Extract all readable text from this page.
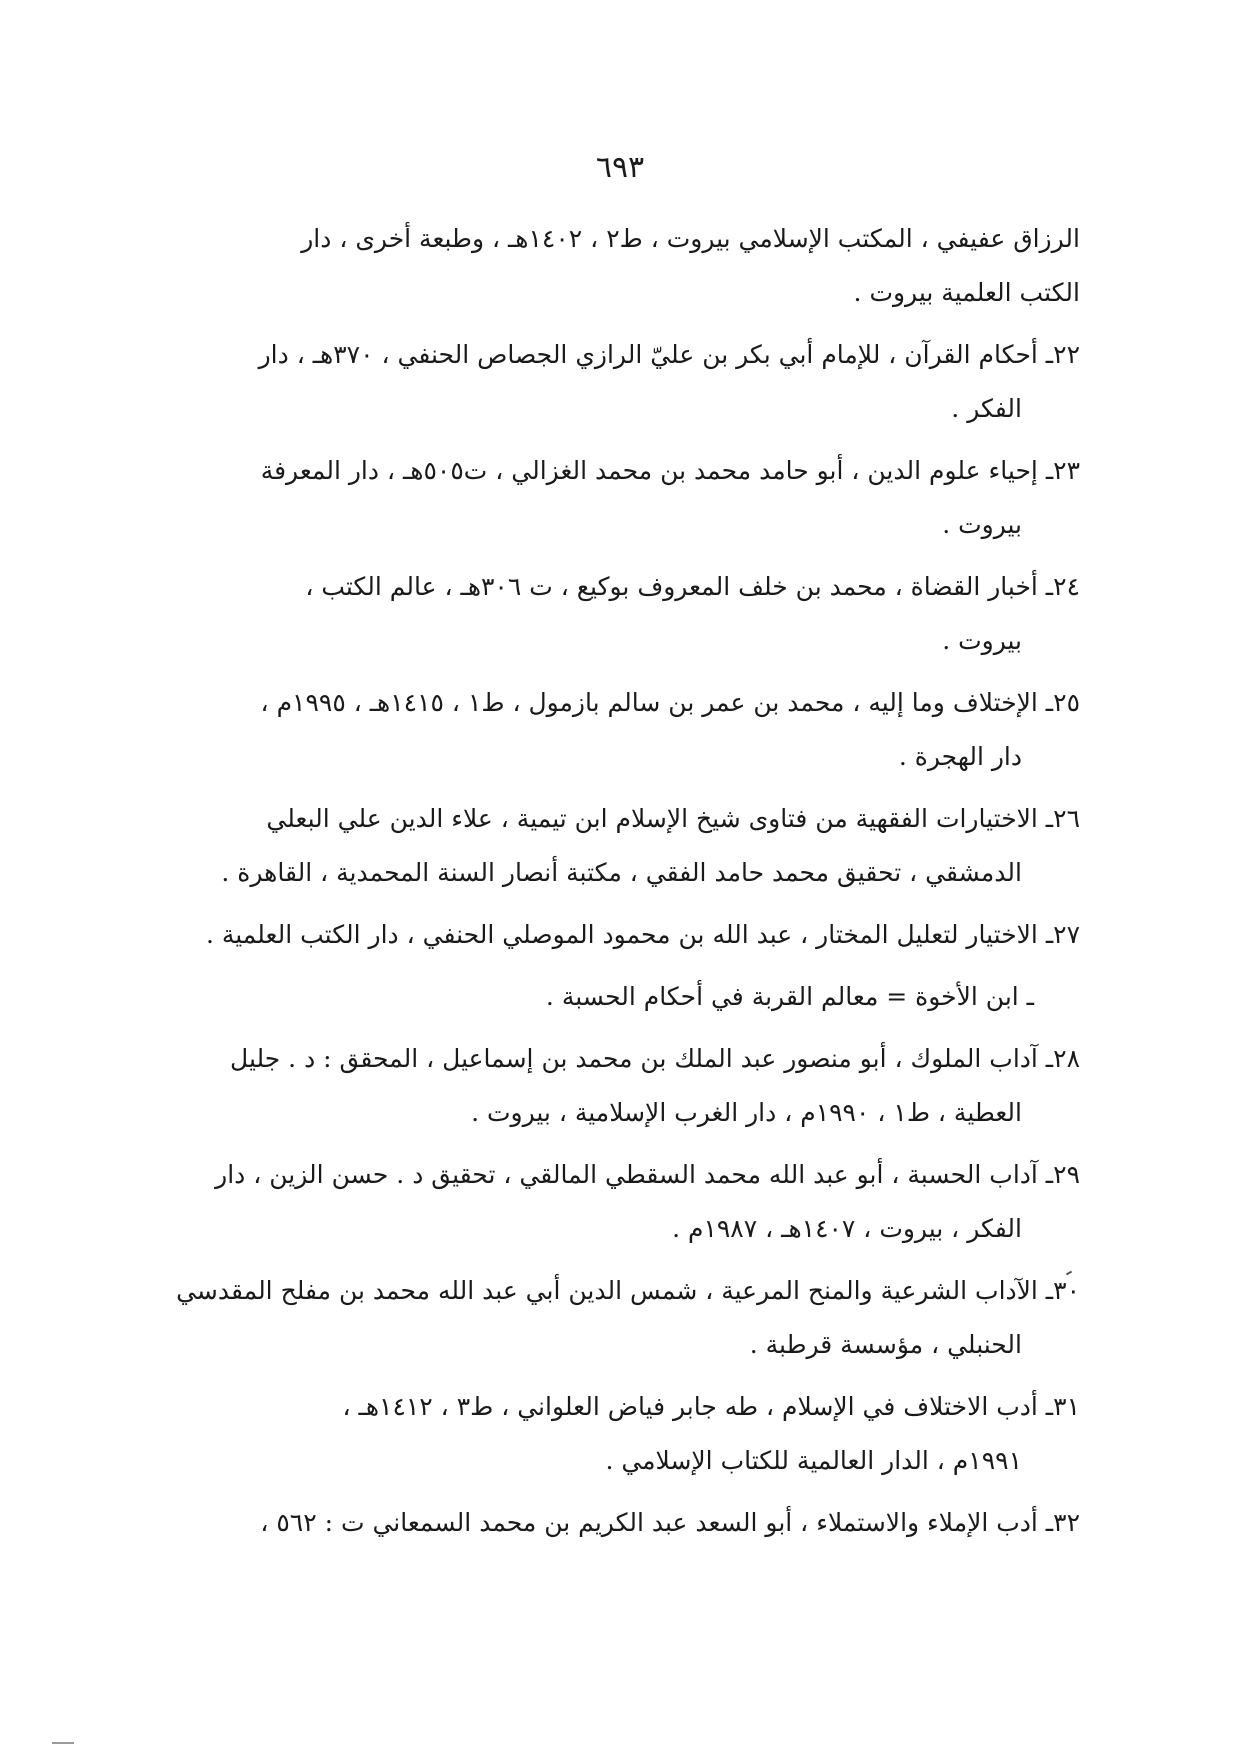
٦٩٣
الرزاق عفيفي ، المكتب الإسلامي بيروت ، ط٢ ، ١٤٠٢هـ ، وطبعة أخرى ، دار
الكتب العلمية بيروت .
٢٢ـ أحكام القرآن ، للإمام أبي بكر بن عليّ الرازي الجصاص الحنفي ، ٣٧٠هـ ، دار
الفكر .
٢٣ـ إحياء علوم الدين ، أبو حامد محمد بن محمد الغزالي ، ت٥٠٥هـ ، دار المعرفة
بيروت .
٢٤ـ أخبار القضاة ، محمد بن خلف المعروف بوكيع ، ت ٣٠٦هـ ، عالم الكتب ،
بيروت .
٢٥ـ الإختلاف وما إليه ، محمد بن عمر بن سالم بازمول ، ط١ ، ١٤١٥هـ ، ١٩٩٥م ،
دار الهجرة .
٢٦ـ الاختيارات الفقهية من فتاوى شيخ الإسلام ابن تيمية ، علاء الدين علي البعلي
الدمشقي ، تحقيق محمد حامد الفقي ، مكتبة أنصار السنة المحمدية ، القاهرة .
٢٧ـ الاختيار لتعليل المختار ، عبد الله بن محمود الموصلي الحنفي ، دار الكتب العلمية .
ـ ابن الأخوة = معالم القربة في أحكام الحسبة .
٢٨ـ آداب الملوك ، أبو منصور عبد الملك بن محمد بن إسماعيل ، المحقق : د . جليل
العطية ، ط١ ، ١٩٩٠م ، دار الغرب الإسلامية ، بيروت .
٢٩ـ آداب الحسبة ، أبو عبد الله محمد السقطي المالقي ، تحقيق د . حسن الزين ، دار
الفكر ، بيروت ، ١٤٠٧هـ ، ١٩٨٧م .
٣٠ـ الآداب الشرعية والمنح المرعية ، شمس الدين أبي عبد الله محمد بن مفلح المقدسي
الحنبلي ، مؤسسة قرطبة .
٣١ـ أدب الاختلاف في الإسلام ، طه جابر فياض العلواني ، ط٣ ، ١٤١٢هـ ،
١٩٩١م ، الدار العالمية للكتاب الإسلامي .
٣٢ـ أدب الإملاء والاستملاء ، أبو السعد عبد الكريم بن محمد السمعاني ت : ٥٦٢ ،
